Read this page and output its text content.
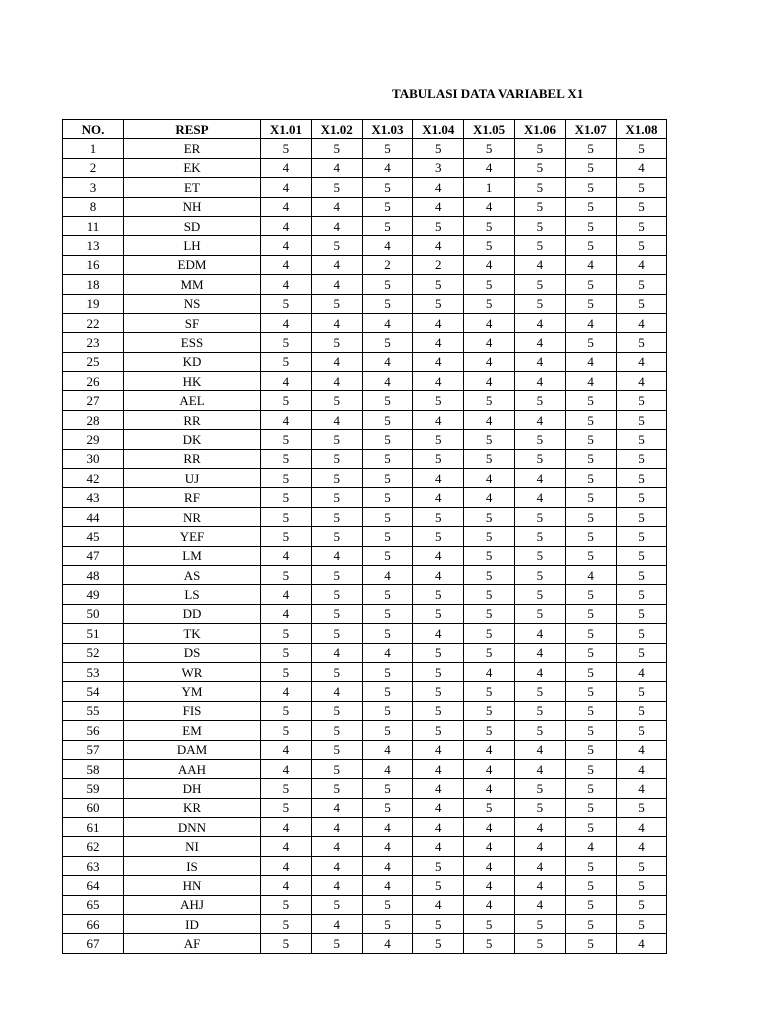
TABULASI DATA VARIABEL X1
NO.	RESP	X1.01	X1.02	X1.03	X1.04	X1.05	X1.06	X1.07	X1.08
1	ER	5	5	5	5	5	5	5	5
2	EK	4	4	4	3	4	5	5	4
3	ET	4	5	5	4	1	5	5	5
8	NH	4	4	5	4	4	5	5	5
11	SD	4	4	5	5	5	5	5	5
13	LH	4	5	4	4	5	5	5	5
16	EDM	4	4	2	2	4	4	4	4
18	MM	4	4	5	5	5	5	5	5
19	NS	5	5	5	5	5	5	5	5
22	SF	4	4	4	4	4	4	4	4
23	ESS	5	5	5	4	4	4	5	5
25	KD	5	4	4	4	4	4	4	4
26	HK	4	4	4	4	4	4	4	4
27	AEL	5	5	5	5	5	5	5	5
28	RR	4	4	5	4	4	4	5	5
29	DK	5	5	5	5	5	5	5	5
30	RR	5	5	5	5	5	5	5	5
42	UJ	5	5	5	4	4	4	5	5
43	RF	5	5	5	4	4	4	5	5
44	NR	5	5	5	5	5	5	5	5
45	YEF	5	5	5	5	5	5	5	5
47	LM	4	4	5	4	5	5	5	5
48	AS	5	5	4	4	5	5	4	5
49	LS	4	5	5	5	5	5	5	5
50	DD	4	5	5	5	5	5	5	5
51	TK	5	5	5	4	5	4	5	5
52	DS	5	4	4	5	5	4	5	5
53	WR	5	5	5	5	4	4	5	4
54	YM	4	4	5	5	5	5	5	5
55	FIS	5	5	5	5	5	5	5	5
56	EM	5	5	5	5	5	5	5	5
57	DAM	4	5	4	4	4	4	5	4
58	AAH	4	5	4	4	4	4	5	4
59	DH	5	5	5	4	4	5	5	4
60	KR	5	4	5	4	5	5	5	5
61	DNN	4	4	4	4	4	4	5	4
62	NI	4	4	4	4	4	4	4	4
63	IS	4	4	4	5	4	4	5	5
64	HN	4	4	4	5	4	4	5	5
65	AHJ	5	5	5	4	4	4	5	5
66	ID	5	4	5	5	5	5	5	5
67	AF	5	5	4	5	5	5	5	4
